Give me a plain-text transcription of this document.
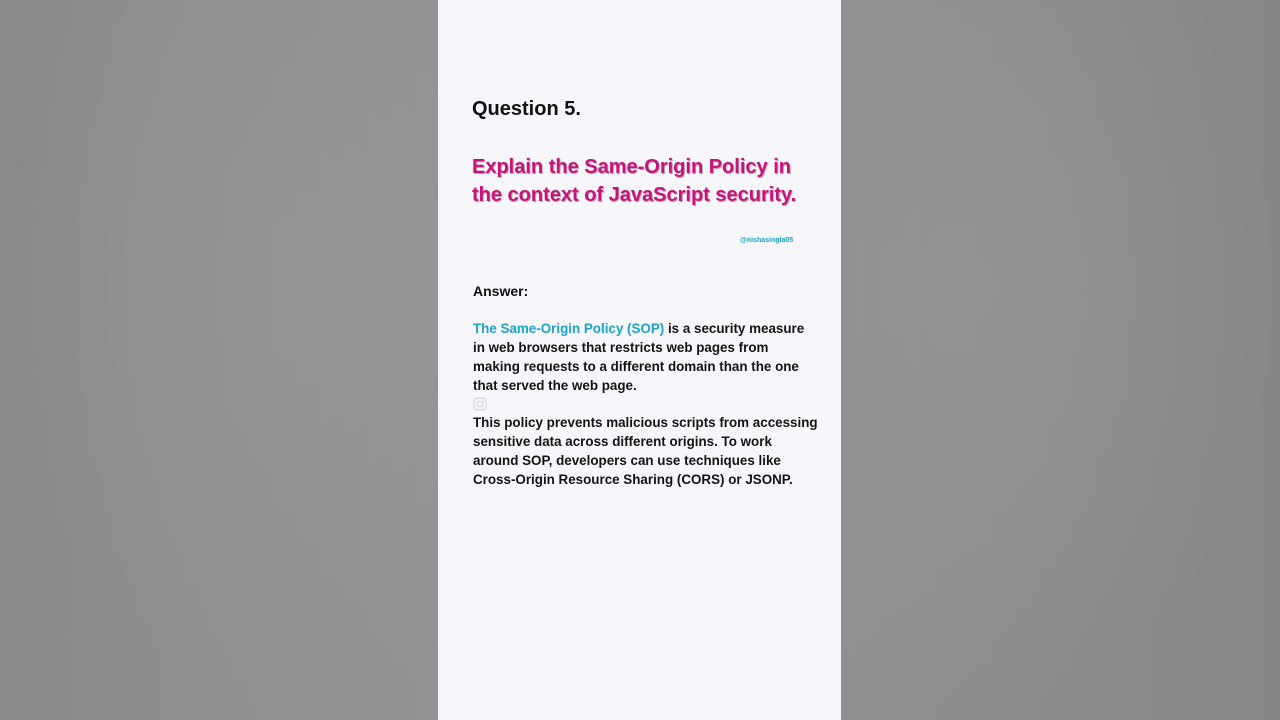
Question 5.
Explain the Same-Origin Policy in the context of JavaScript security.

@nishasingla05

Answer:

The Same-Origin Policy (SOP) is a security measure in web browsers that restricts web pages from making requests to a different domain than the one that served the web page.

This policy prevents malicious scripts from accessing sensitive data across different origins. To work around SOP, developers can use techniques like Cross-Origin Resource Sharing (CORS) or JSONP.
